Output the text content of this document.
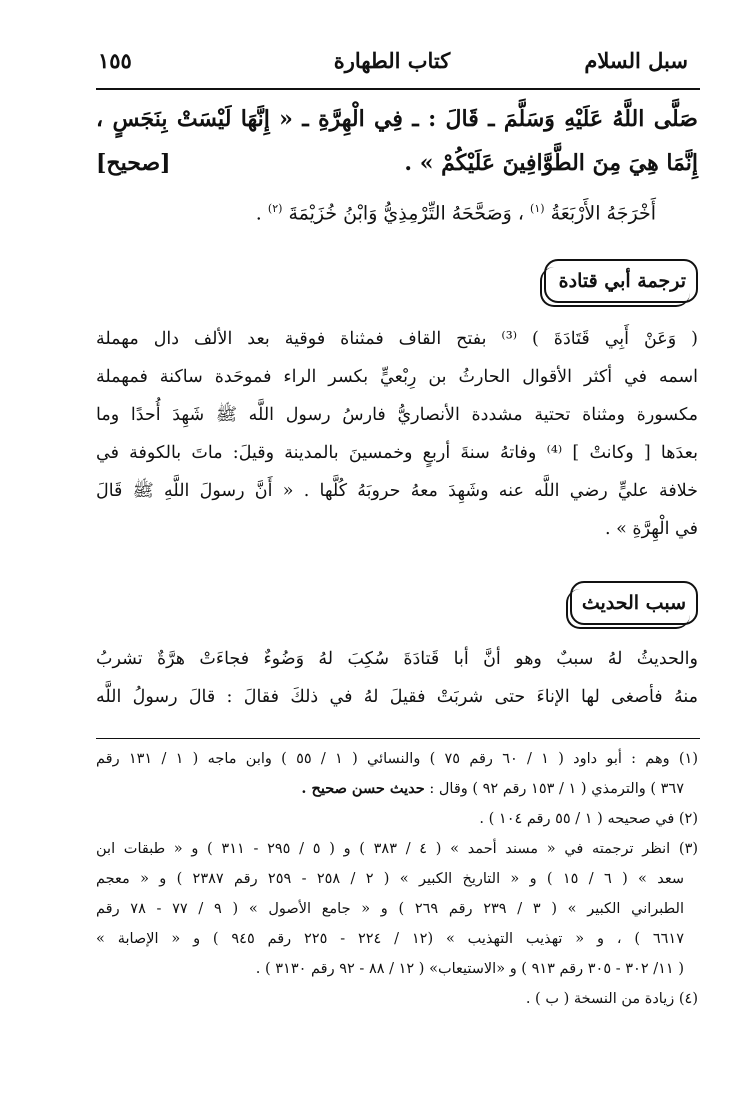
سبل السلام
كتاب الطهارة
١٥٥
صَلَّى اللَّهُ عَلَيْهِ وَسَلَّمَ ـ قَالَ : ـ فِي الْهِرَّةِ ـ « إِنَّهَا لَيْسَتْ بِنَجَسٍ ،
إِنَّمَا هِيَ مِنَ الطَّوَّافِينَ عَلَيْكُمْ » .
[صحيح]
أَخْرَجَهُ الأَرْبَعَةُ $^{(١)}$ ، وَصَحَّحَهُ التِّرْمِذِيُّ وَابْنُ خُزَيْمَةَ $^{(٢)}$ .
ترجمة أبي قتادة

( وَعَنْ أَبِي قَتَادَةَ ) ⁽³⁾ بفتح القاف فمثناة فوقية بعد الألف دال مهملة

اسمه في أكثر الأقوال الحارثُ بن رِبْعيٍّ بكسر الراء فموحَدة ساكنة فمهملة

مكسورة ومثناة تحتية مشددة الأنصاريُّ فارسُ رسول اللَّه ﷺ شَهِدَ أُحدًا وما

بعدَها [ وكانتْ ] ⁽⁴⁾ وفاتهُ سنةَ أربعٍ وخمسينَ بالمدينة وقيلَ: ماتَ بالكوفة في

خلافة عليٍّ رضي اللَّه عنه وشَهِدَ معهُ حروبَهُ كُلَّها . « أَنَّ رسولَ اللَّهِ ﷺ قَالَ

في الْهِرَّةِ » .

سبب الحديث

والحديثُ لهُ سببٌ وهو أنَّ أبا قَتادَةَ سُكِبَ لهُ وَضُوءٌ فجاءَتْ هرَّةٌ تشربُ

منهُ فأصغى لها الإناءَ حتى شربَتْ فقيلَ لهُ في ذلكَ فقالَ : قالَ رسولُ اللَّه

(١) وهم : أبو داود ( ١ / ٦٠ رقم ٧٥ ) والنسائي ( ١ / ٥٥ ) وابن ماجه ( ١ / ١٣١ رقم

٣٦٧ ) والترمذي ( ١ / ١٥٣ رقم ٩٢ ) وقال : حديث حسن صحيح .

(٢) في صحيحه ( ١ / ٥٥ رقم ١٠٤ ) .

(٣) انظر ترجمته في « مسند أحمد » ( ٤ / ٣٨٣ ) و ( ٥ / ٢٩٥ - ٣١١ ) و « طبقات ابن

سعد » ( ٦ / ١٥ ) و « التاريخ الكبير » ( ٢ / ٢٥٨ - ٢٥٩ رقم ٢٣٨٧ ) و « معجم

الطبراني الكبير » ( ٣ / ٢٣٩ رقم ٢٦٩ ) و « جامع الأصول » ( ٩ / ٧٧ - ٧٨ رقم

٦٦١٧ ) ، و « تهذيب التهذيب » (١٢ / ٢٢٤ - ٢٢٥ رقم ٩٤٥ ) و « الإصابة »

( ١١/ ٣٠٢ - ٣٠٥ رقم ٩١٣ ) و «الاستيعاب» ( ١٢ / ٨٨ - ٩٢ رقم ٣١٣٠ ) .

(٤) زيادة من النسخة ( ب ) .
